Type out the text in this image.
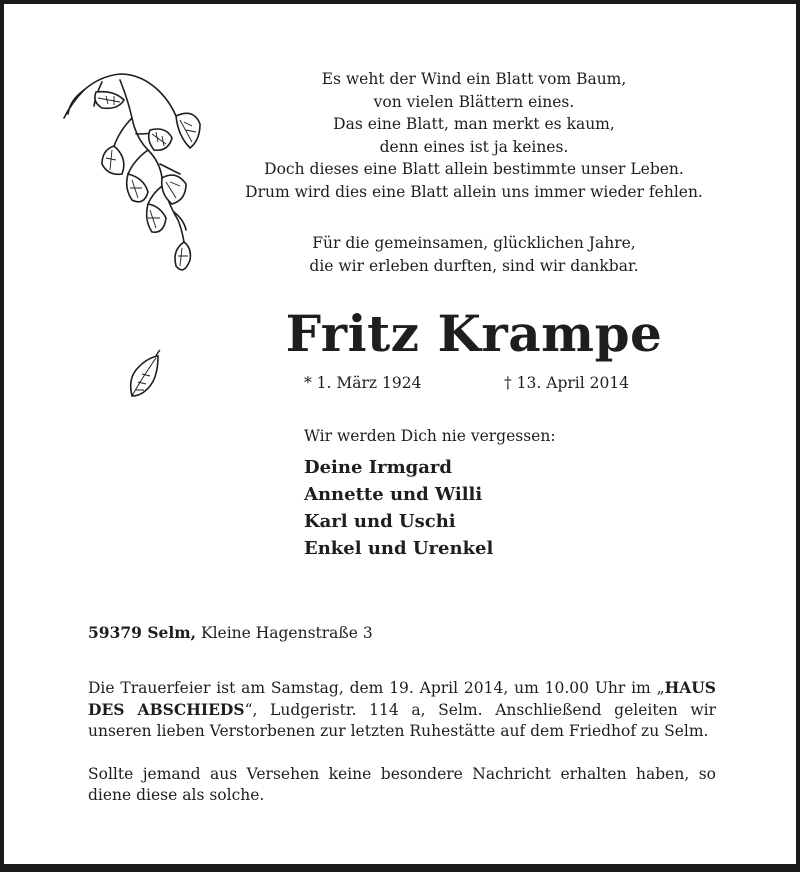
Es weht der Wind ein Blatt vom Baum,
von vielen Blättern eines.
Das eine Blatt, man merkt es kaum,
denn eines ist ja keines.
Doch dieses eine Blatt allein bestimmte unser Leben.
Drum wird dies eine Blatt allein uns immer wieder fehlen.
Für die gemeinsamen, glücklichen Jahre,
die wir erleben durften, sind wir dankbar.
Fritz Krampe
* 1. März 1924	† 13. April 2014
Wir werden Dich nie vergessen:
Deine Irmgard
Annette und Willi
Karl und Uschi
Enkel und Urenkel
59379 Selm, Kleine Hagenstraße 3

Die Trauerfeier ist am Samstag, dem 19. April 2014, um 10.00 Uhr im „HAUS DES ABSCHIEDS“, Ludgeristr. 114 a, Selm. Anschließend geleiten wir unseren lieben Verstorbenen zur letzten Ruhestätte auf dem Friedhof zu Selm.

Sollte jemand aus Versehen keine besondere Nachricht erhalten haben, so diene diese als solche.
